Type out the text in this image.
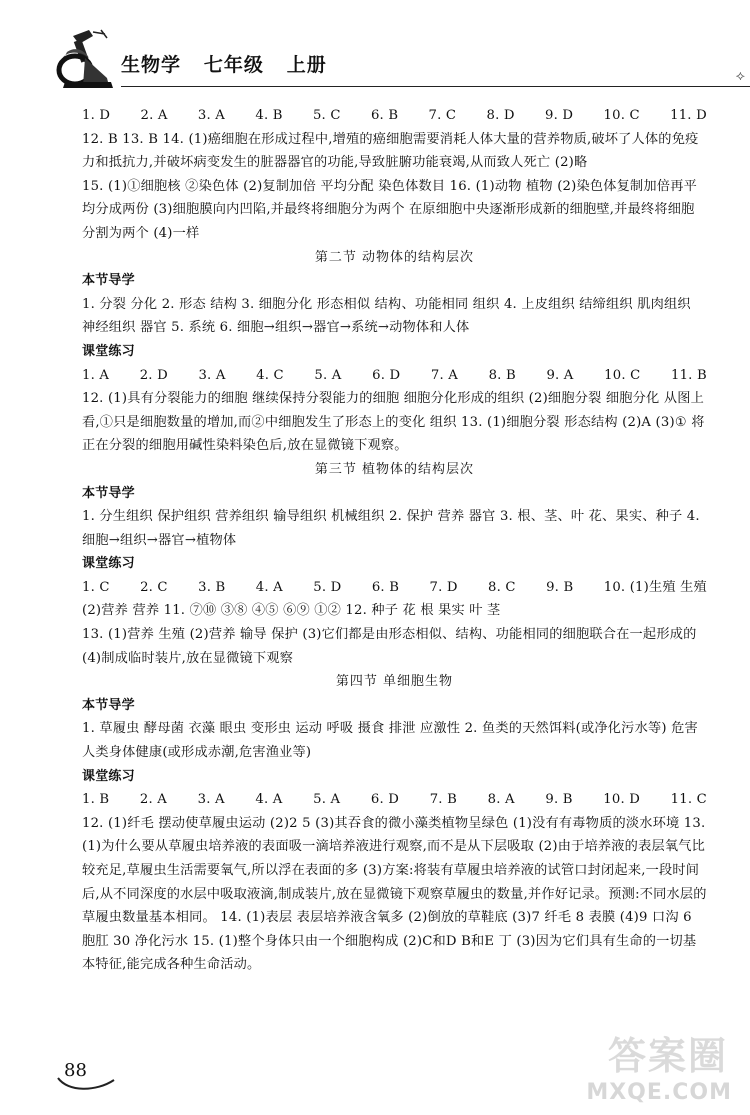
生物学   七年级   上册	⟡
1. D 2. A 3. A 4. B 5. C 6. B 7. C 8. D 9. D 10. C 11. D

12. B 13. B 14. (1)癌细胞在形成过程中,增殖的癌细胞需要消耗人体大量的营养物质,破坏了人体的免疫力和抵抗力,并破坏病变发生的脏器器官的功能,导致脏腑功能衰竭,从而致人死亡 (2)略

15. (1)①细胞核 ②染色体 (2)复制加倍 平均分配 染色体数目 16. (1)动物 植物 (2)染色体复制加倍再平均分成两份 (3)细胞膜向内凹陷,并最终将细胞分为两个 在原细胞中央逐渐形成新的细胞壁,并最终将细胞分割为两个 (4)一样

第二节 动物体的结构层次

本节导学

1. 分裂 分化 2. 形态 结构 3. 细胞分化 形态相似 结构、功能相同 组织 4. 上皮组织 结缔组织 肌肉组织 神经组织 器官 5. 系统 6. 细胞→组织→器官→系统→动物体和人体

课堂练习

1. A 2. D 3. A 4. C 5. A 6. D 7. A 8. B 9. A 10. C 11. B

12. (1)具有分裂能力的细胞 继续保持分裂能力的细胞 细胞分化形成的组织 (2)细胞分裂 细胞分化 从图上看,①只是细胞数量的增加,而②中细胞发生了形态上的变化 组织 13. (1)细胞分裂 形态结构 (2)A (3)① 将正在分裂的细胞用碱性染料染色后,放在显微镜下观察。

第三节 植物体的结构层次

本节导学

1. 分生组织 保护组织 营养组织 输导组织 机械组织 2. 保护 营养 器官 3. 根、茎、叶 花、果实、种子 4. 细胞→组织→器官→植物体

课堂练习

1. C 2. C 3. B 4. A 5. D 6. B 7. D 8. C 9. B 10. (1)生殖 生殖

(2)营养 营养 11. ⑦⑩ ③⑧ ④⑤ ⑥⑨ ①② 12. 种子 花 根 果实 叶 茎

13. (1)营养 生殖 (2)营养 输导 保护 (3)它们都是由形态相似、结构、功能相同的细胞联合在一起形成的 (4)制成临时装片,放在显微镜下观察

第四节 单细胞生物

本节导学

1. 草履虫 酵母菌 衣藻 眼虫 变形虫 运动 呼吸 摄食 排泄 应激性 2. 鱼类的天然饵料(或净化污水等) 危害人类身体健康(或形成赤潮,危害渔业等)

课堂练习

1. B 2. A 3. A 4. A 5. A 6. D 7. B 8. A 9. B 10. D 11. C

12. (1)纤毛 摆动使草履虫运动 (2)2 5 (3)其吞食的微小藻类植物呈绿色 (1)没有有毒物质的淡水环境 13. (1)为什么要从草履虫培养液的表面吸一滴培养液进行观察,而不是从下层吸取 (2)由于培养液的表层氧气比较充足,草履虫生活需要氧气,所以浮在表面的多 (3)方案:将装有草履虫培养液的试管口封闭起来,一段时间后,从不同深度的水层中吸取液滴,制成装片,放在显微镜下观察草履虫的数量,并作好记录。预测:不同水层的草履虫数量基本相同。 14. (1)表层 表层培养液含氧多 (2)倒放的草鞋底 (3)7 纤毛 8 表膜 (4)9 口沟 6 胞肛 30 净化污水 15. (1)整个身体只由一个细胞构成 (2)C和D B和E 丁 (3)因为它们具有生命的一切基本特征,能完成各种生命活动。

88	答案圈
MXQE.COM
